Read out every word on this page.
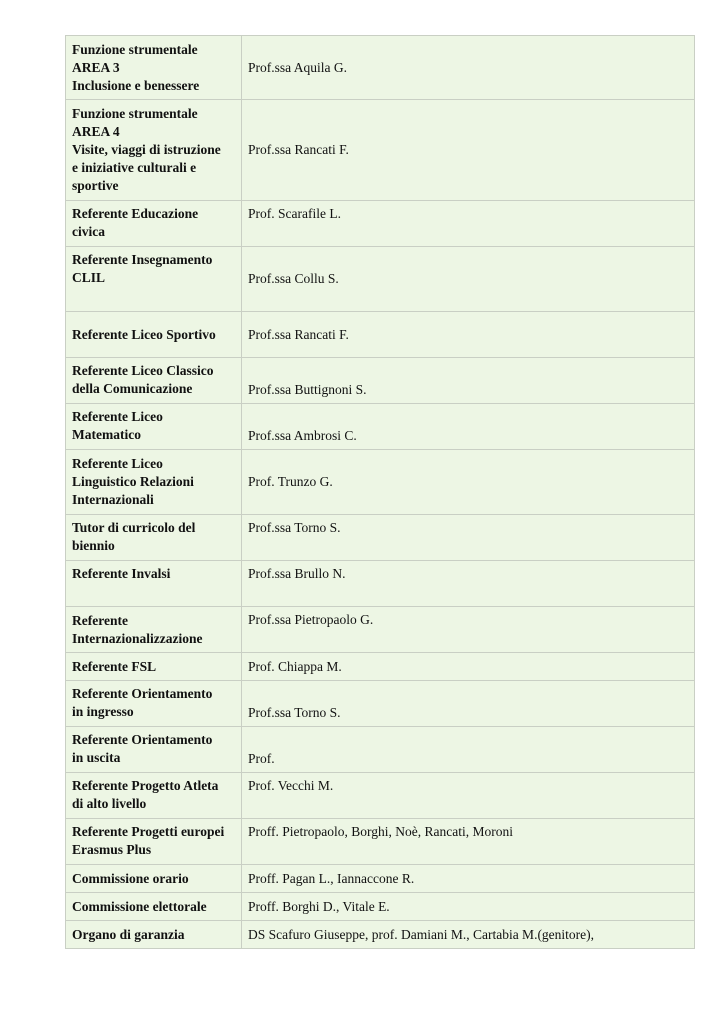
Funzione strumentale
AREA 3
Inclusione e benessere	Prof.ssa Aquila G.

Funzione strumentale
AREA 4
Visite, viaggi di istruzione
e iniziative culturali e
sportive	Prof.ssa Rancati F.

Referente Educazione
civica	Prof. Scarafile L.

Referente Insegnamento
CLIL	Prof.ssa Collu S.

Referente Liceo Sportivo	Prof.ssa Rancati F.

Referente Liceo Classico
della Comunicazione	Prof.ssa Buttignoni S.

Referente Liceo
Matematico	Prof.ssa Ambrosi C.

Referente Liceo
Linguistico Relazioni
Internazionali	Prof. Trunzo G.

Tutor di curricolo del
biennio	Prof.ssa Torno S.

Referente Invalsi	Prof.ssa Brullo N.

Referente
Internazionalizzazione	Prof.ssa Pietropaolo G.

Referente FSL	Prof. Chiappa M.

Referente Orientamento
in ingresso	Prof.ssa Torno S.

Referente Orientamento
in uscita	Prof.

Referente Progetto Atleta
di alto livello	Prof. Vecchi M.

Referente Progetti europei
Erasmus Plus	Proff. Pietropaolo, Borghi, Noè, Rancati, Moroni

Commissione orario	Proff. Pagan L., Iannaccone R.

Commissione elettorale	Proff. Borghi D., Vitale E.

Organo di garanzia	DS Scafuro Giuseppe, prof. Damiani M., Cartabia M.(genitore),
